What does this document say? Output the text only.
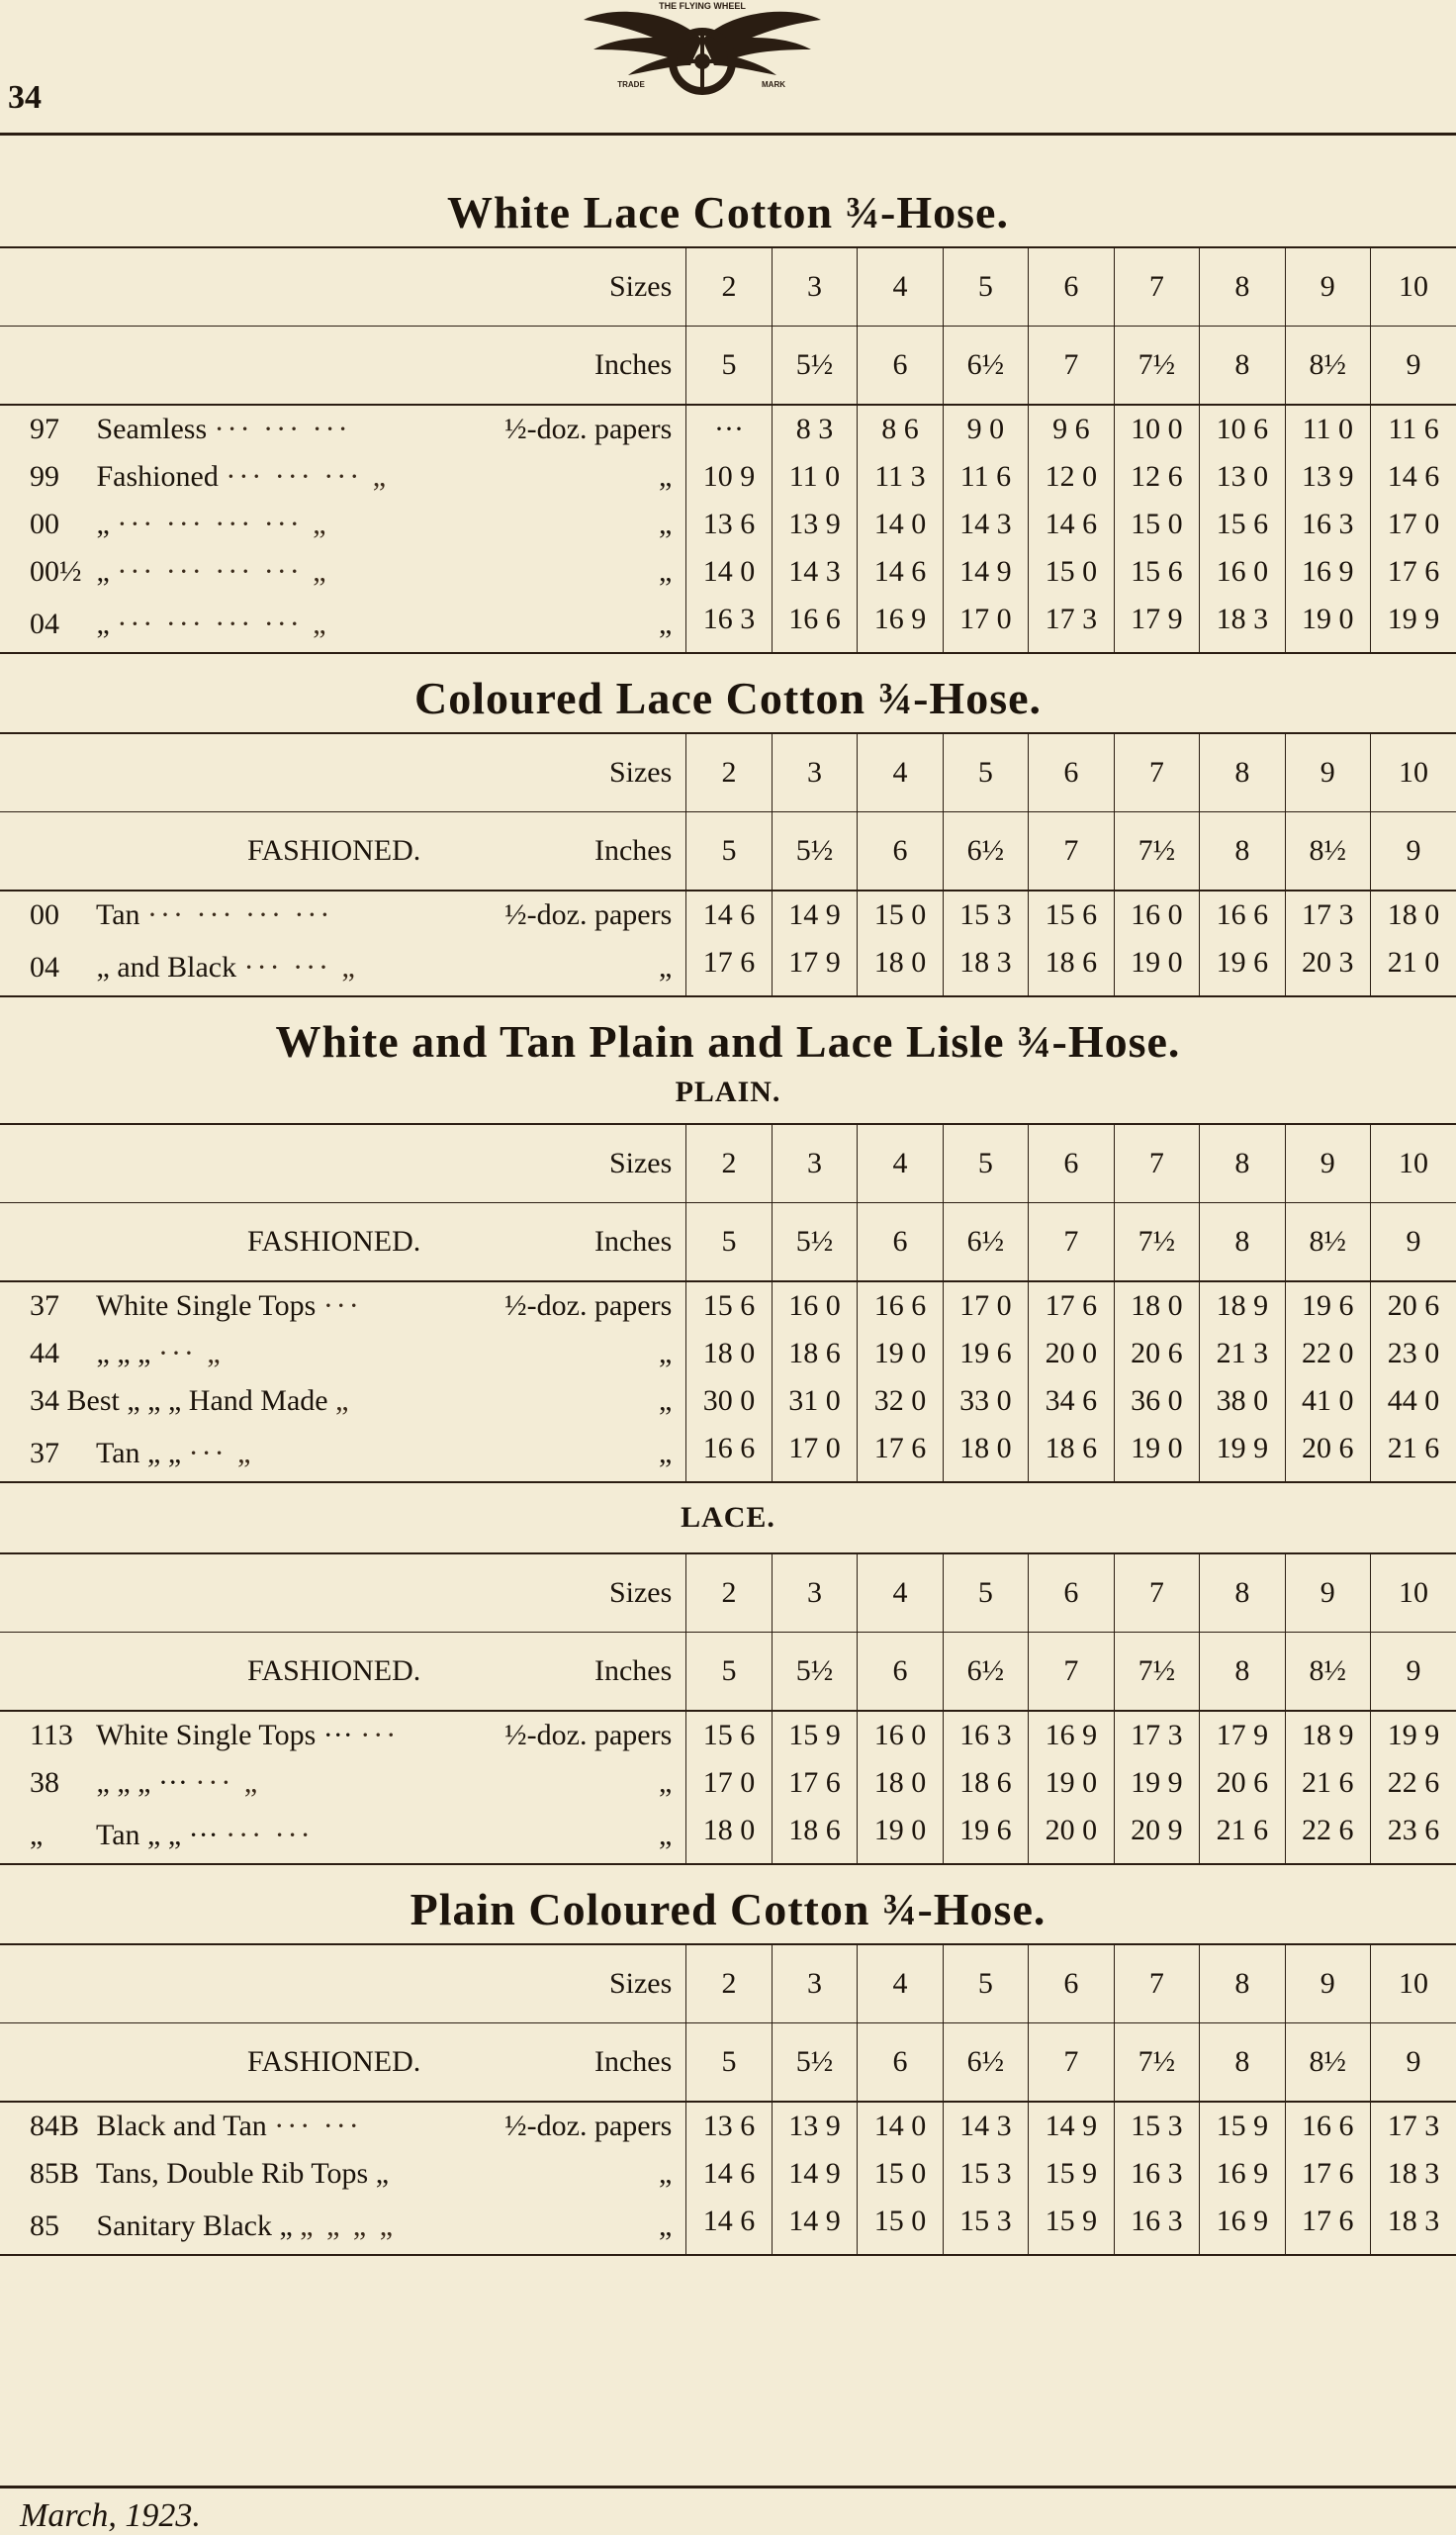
THE FLYING WHEEL
TRADE	MARK
34
White Lace Cotton ¾-Hose.
Sizes	2	3	4	5	6	7	8	9	10

Inches	5	5½	6	6½	7	7½	8	8½	9

97 Seamless ··· ··· ··· ½-doz. papers	···	8 3	8 6	9 0	9 6	10 0	10 6	11 0	11 6

99 Fashioned ··· ··· ··· „ „	10 9	11 0	11 3	11 6	12 0	12 6	13 0	13 9	14 6

00 „ ··· ··· ··· ··· „ „	13 6	13 9	14 0	14 3	14 6	15 0	15 6	16 3	17 0

00½ „ ··· ··· ··· ··· „ „	14 0	14 3	14 6	14 9	15 0	15 6	16 0	16 9	17 6

04 „ ··· ··· ··· ··· „ „	16 3	16 6	16 9	17 0	17 3	17 9	18 3	19 0	19 9
Coloured Lace Cotton ¾-Hose.
Sizes	2	3	4	5	6	7	8	9	10

FASHIONED. Inches	5	5½	6	6½	7	7½	8	8½	9

00 Tan ··· ··· ··· ··· ½-doz. papers	14 6	14 9	15 0	15 3	15 6	16 0	16 6	17 3	18 0

04 „ and Black ··· ··· „ „	17 6	17 9	18 0	18 3	18 6	19 0	19 6	20 3	21 0
White and Tan Plain and Lace Lisle ¾-Hose.
PLAIN.
Sizes	2	3	4	5	6	7	8	9	10

FASHIONED. Inches	5	5½	6	6½	7	7½	8	8½	9

37 White Single Tops ··· ½-doz. papers	15 6	16 0	16 6	17 0	17 6	18 0	18 9	19 6	20 6

44 „ „ „ ··· „ „	18 0	18 6	19 0	19 6	20 0	20 6	21 3	22 0	23 0

34 Best „ „ „ Hand Made „ „	30 0	31 0	32 0	33 0	34 6	36 0	38 0	41 0	44 0

37 Tan „ „ ··· „ „	16 6	17 0	17 6	18 0	18 6	19 0	19 9	20 6	21 6
LACE.
Sizes	2	3	4	5	6	7	8	9	10

FASHIONED. Inches	5	5½	6	6½	7	7½	8	8½	9

113 White Single Tops ··· ··· ½-doz. papers	15 6	15 9	16 0	16 3	16 9	17 3	17 9	18 9	19 9

38 „ „ „ ··· ··· „ „	17 0	17 6	18 0	18 6	19 0	19 9	20 6	21 6	22 6

„ Tan „ „ ··· ··· ··· „	18 0	18 6	19 0	19 6	20 0	20 9	21 6	22 6	23 6
Plain Coloured Cotton ¾-Hose.
Sizes	2	3	4	5	6	7	8	9	10

FASHIONED. Inches	5	5½	6	6½	7	7½	8	8½	9

84B Black and Tan ··· ··· ½-doz. papers	13 6	13 9	14 0	14 3	14 9	15 3	15 9	16 6	17 3

85B Tans, Double Rib Tops „ „	14 6	14 9	15 0	15 3	15 9	16 3	16 9	17 6	18 3

85 Sanitary Black „ „ „ „ „ „	14 6	14 9	15 0	15 3	15 9	16 3	16 9	17 6	18 3
March, 1923.
